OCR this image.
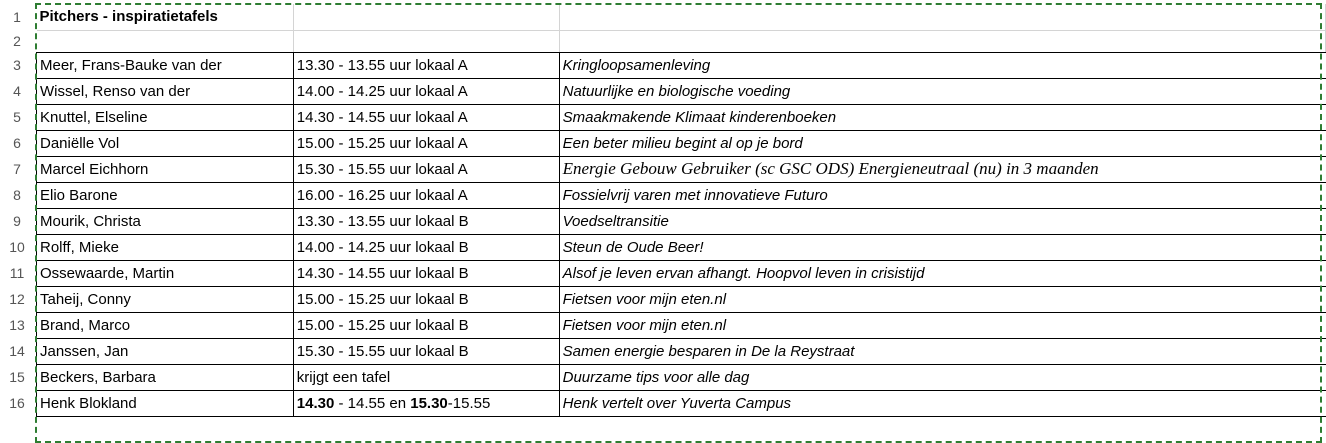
1
2
3
4
5
6
7
8
9
10
11
12
13
14
15
16
Pitchers - inspiratietafels		

Meer, Frans-Bauke van der	13.30 - 13.55 uur lokaal A	Kringloopsamenleving
Wissel, Renso van der	14.00 - 14.25 uur lokaal A	Natuurlijke en biologische voeding
Knuttel, Elseline	14.30 - 14.55 uur lokaal A	Smaakmakende Klimaat kinderenboeken
Daniëlle Vol	15.00 - 15.25 uur lokaal A	Een beter milieu begint al op je bord
Marcel Eichhorn	15.30 - 15.55 uur lokaal A	Energie Gebouw Gebruiker (sc GSC ODS) Energieneutraal (nu) in 3 maanden
Elio Barone	16.00 - 16.25 uur lokaal A	Fossielvrij varen met innovatieve Futuro
Mourik, Christa	13.30 - 13.55 uur lokaal B	Voedseltransitie
Rolff, Mieke	14.00 - 14.25 uur lokaal B	Steun de Oude Beer!
Ossewaarde, Martin	14.30 - 14.55 uur lokaal B	Alsof je leven ervan afhangt. Hoopvol leven in crisistijd
Taheij, Conny	15.00 - 15.25 uur lokaal B	Fietsen voor mijn eten.nl
Brand, Marco	15.00 - 15.25 uur lokaal B	Fietsen voor mijn eten.nl
Janssen, Jan	15.30 - 15.55 uur lokaal B	Samen energie besparen in De la Reystraat
Beckers, Barbara	krijgt een tafel	Duurzame tips voor alle dag
Henk Blokland	14.30 - 14.55 en 15.30-15.55	Henk vertelt over Yuverta Campus
